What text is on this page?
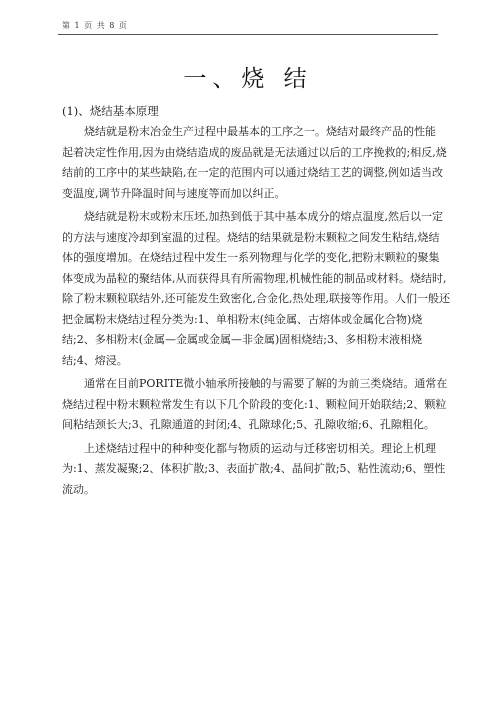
第 1 页 共 8 页
一、烧 结
(1)、烧结基本原理

烧结就是粉末冶金生产过程中最基本的工序之一。烧结对最终产品的性能

起着决定性作用,因为由烧结造成的废品就是无法通过以后的工序挽救的;相反,烧结前的工序中的某些缺陷,在一定的范围内可以通过烧结工艺的调整,例如适当改变温度,调节升降温时间与速度等而加以纠正。

烧结就是粉末或粉末压坯,加热到低于其中基本成分的熔点温度,然后以一定的方法与速度冷却到室温的过程。烧结的结果就是粉末颗粒之间发生粘结,烧结体的强度增加。在烧结过程中发生一系列物理与化学的变化,把粉末颗粒的聚集体变成为晶粒的聚结体,从而获得具有所需物理,机械性能的制品或材料。烧结时,除了粉末颗粒联结外,还可能发生致密化,合金化,热处理,联接等作用。人们一般还把金属粉末烧结过程分类为:1、单相粉末(纯金属、古熔体或金属化合物)烧结;2、多相粉末(金属—金属或金属—非金属)固相烧结;3、多相粉末液相烧结;4、熔浸。

通常在目前PORITE微小轴承所接触的与需要了解的为前三类烧结。通常在烧结过程中粉末颗粒常发生有以下几个阶段的变化:1、颗粒间开始联结;2、颗粒间粘结颈长大;3、孔隙通道的封闭;4、孔隙球化;5、孔隙收缩;6、孔隙粗化。

上述烧结过程中的种种变化都与物质的运动与迁移密切相关。理论上机理为:1、蒸发凝聚;2、体积扩散;3、表面扩散;4、晶间扩散;5、粘性流动;6、塑性流动。
